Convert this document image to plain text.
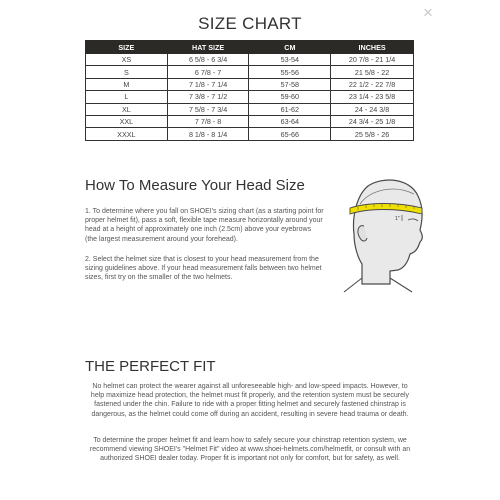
×
SIZE CHART
SIZE	HAT SIZE	CM	INCHES
XS	6 5/8 - 6 3/4	53-54	20 7/8 - 21 1/4
S	6 7/8 - 7	55-56	21 5/8 - 22
M	7 1/8 - 7 1/4	57-58	22 1/2 - 22 7/8
L	7 3/8 - 7 1/2	59-60	23 1/4 - 23 5/8
XL	7 5/8 - 7 3/4	61-62	24 - 24 3/8
XXL	7 7/8 - 8	63-64	24 3/4 - 25 1/8
XXXL	8 1/8 - 8 1/4	65-66	25 5/8 - 26
How To Measure Your Head Size
1. To determine where you fall on SHOEI's sizing chart (as a starting point for proper helmet fit), pass a soft, flexible tape measure horizontally around your head at a height of approximately one inch (2.5cm) above your eyebrows (the largest measurement around your forehead).
2. Select the helmet size that is closest to your head measurement from the sizing guidelines above. If your head measurement falls between two helmet sizes, first try on the smaller of the two helmets.
1"
THE PERFECT FIT
No helmet can protect the wearer against all unforeseeable high- and low-speed impacts. However, to help maximize head protection, the helmet must fit properly, and the retention system must be securely fastened under the chin. Failure to ride with a proper fitting helmet and securely fastened chinstrap is dangerous, as the helmet could come off during an accident, resulting in severe head trauma or death.
To determine the proper helmet fit and learn how to safely secure your chinstrap retention system, we recommend viewing SHOEI's "Helmet Fit" video at www.shoei-helmets.com/helmetfit, or consult with an authorized SHOEI dealer today. Proper fit is important not only for comfort, but for safety, as well.
